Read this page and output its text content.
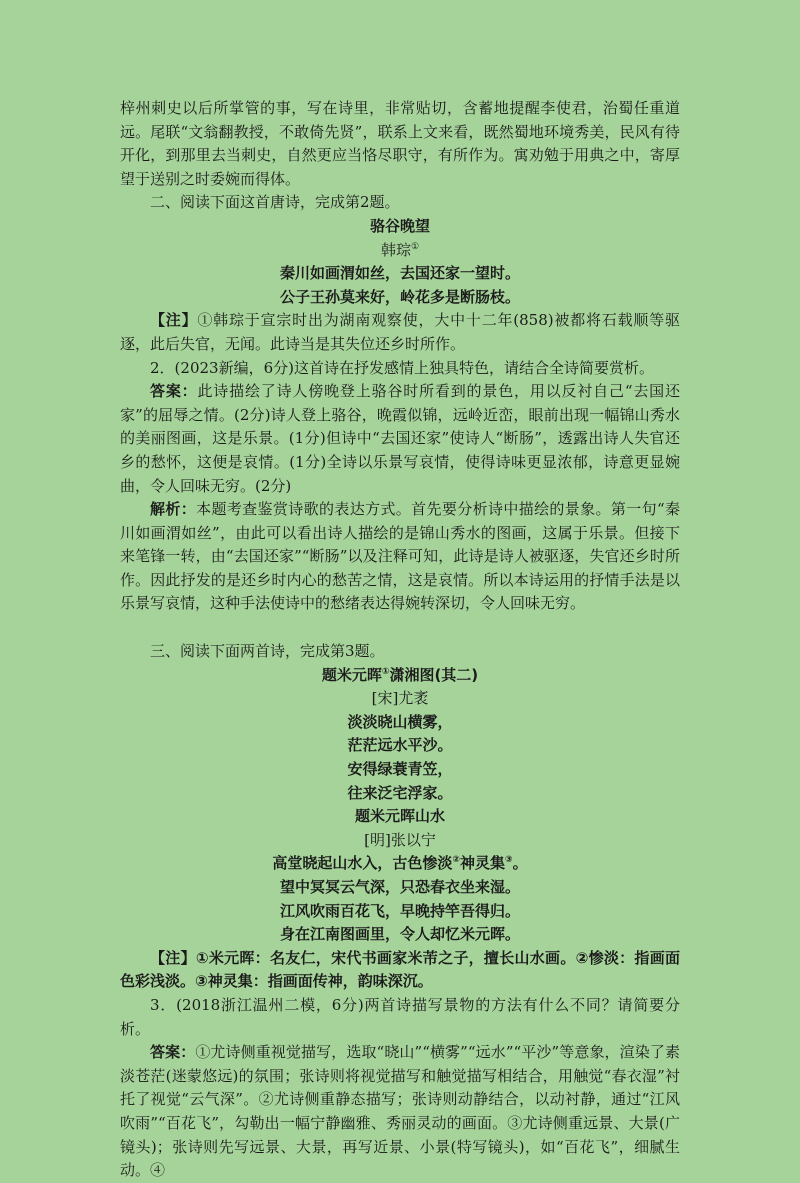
梓州刺史以后所掌管的事，写在诗里，非常贴切，含蓄地提醒李使君，治蜀任重道远。尾联“文翁翻教授，不敢倚先贤”，联系上文来看，既然蜀地环境秀美，民风有待开化，到那里去当刺史，自然更应当恪尽职守，有所作为。寓劝勉于用典之中，寄厚望于送别之时委婉而得体。

二、阅读下面这首唐诗，完成第2题。

骆谷晚望

韩琮①

秦川如画渭如丝，去国还家一望时。

公子王孙莫来好，岭花多是断肠枝。

【注】①韩琮于宣宗时出为湖南观察使，大中十二年(858)被都将石载顺等驱逐，此后失官，无闻。此诗当是其失位还乡时所作。

2．(2023新编，6分)这首诗在抒发感情上独具特色，请结合全诗简要赏析。

答案：此诗描绘了诗人傍晚登上骆谷时所看到的景色，用以反衬自己“去国还家”的屈辱之情。(2分)诗人登上骆谷，晚霞似锦，远岭近峦，眼前出现一幅锦山秀水的美丽图画，这是乐景。(1分)但诗中“去国还家”使诗人“断肠”，透露出诗人失官还乡的愁怀，这便是哀情。(1分)全诗以乐景写哀情，使得诗味更显浓郁，诗意更显婉曲，令人回味无穷。(2分)

解析：本题考查鉴赏诗歌的表达方式。首先要分析诗中描绘的景象。第一句“秦川如画渭如丝”，由此可以看出诗人描绘的是锦山秀水的图画，这属于乐景。但接下来笔锋一转，由“去国还家”“断肠”以及注释可知，此诗是诗人被驱逐，失官还乡时所作。因此抒发的是还乡时内心的愁苦之情，这是哀情。所以本诗运用的抒情手法是以乐景写哀情，这种手法使诗中的愁绪表达得婉转深切，令人回味无穷。

三、阅读下面两首诗，完成第3题。

题米元晖①潇湘图(其二)

[宋]尤袤

淡淡晓山横雾，

茫茫远水平沙。

安得绿蓑青笠，

往来泛宅浮家。

题米元晖山水

[明]张以宁

高堂晓起山水入，古色惨淡②神灵集③。

望中冥冥云气深，只恐春衣坐来湿。

江风吹雨百花飞，早晚持竿吾得归。

身在江南图画里，令人却忆米元晖。

【注】①米元晖：名友仁，宋代书画家米芾之子，擅长山水画。②惨淡：指画面色彩浅淡。③神灵集：指画面传神，韵味深沉。

3．(2018浙江温州二模，6分)两首诗描写景物的方法有什么不同？请简要分析。

答案：①尤诗侧重视觉描写，选取“晓山”“横雾”“远水”“平沙”等意象，渲染了素淡苍茫(迷蒙悠远)的氛围；张诗则将视觉描写和触觉描写相结合，用触觉“春衣湿”衬托了视觉“云气深”。②尤诗侧重静态描写；张诗则动静结合，以动衬静，通过“江风吹雨”“百花飞”，勾勒出一幅宁静幽雅、秀丽灵动的画面。③尤诗侧重远景、大景(广镜头)；张诗则先写远景、大景，再写近景、小景(特写镜头)，如“百花飞”，细腻生动。④
